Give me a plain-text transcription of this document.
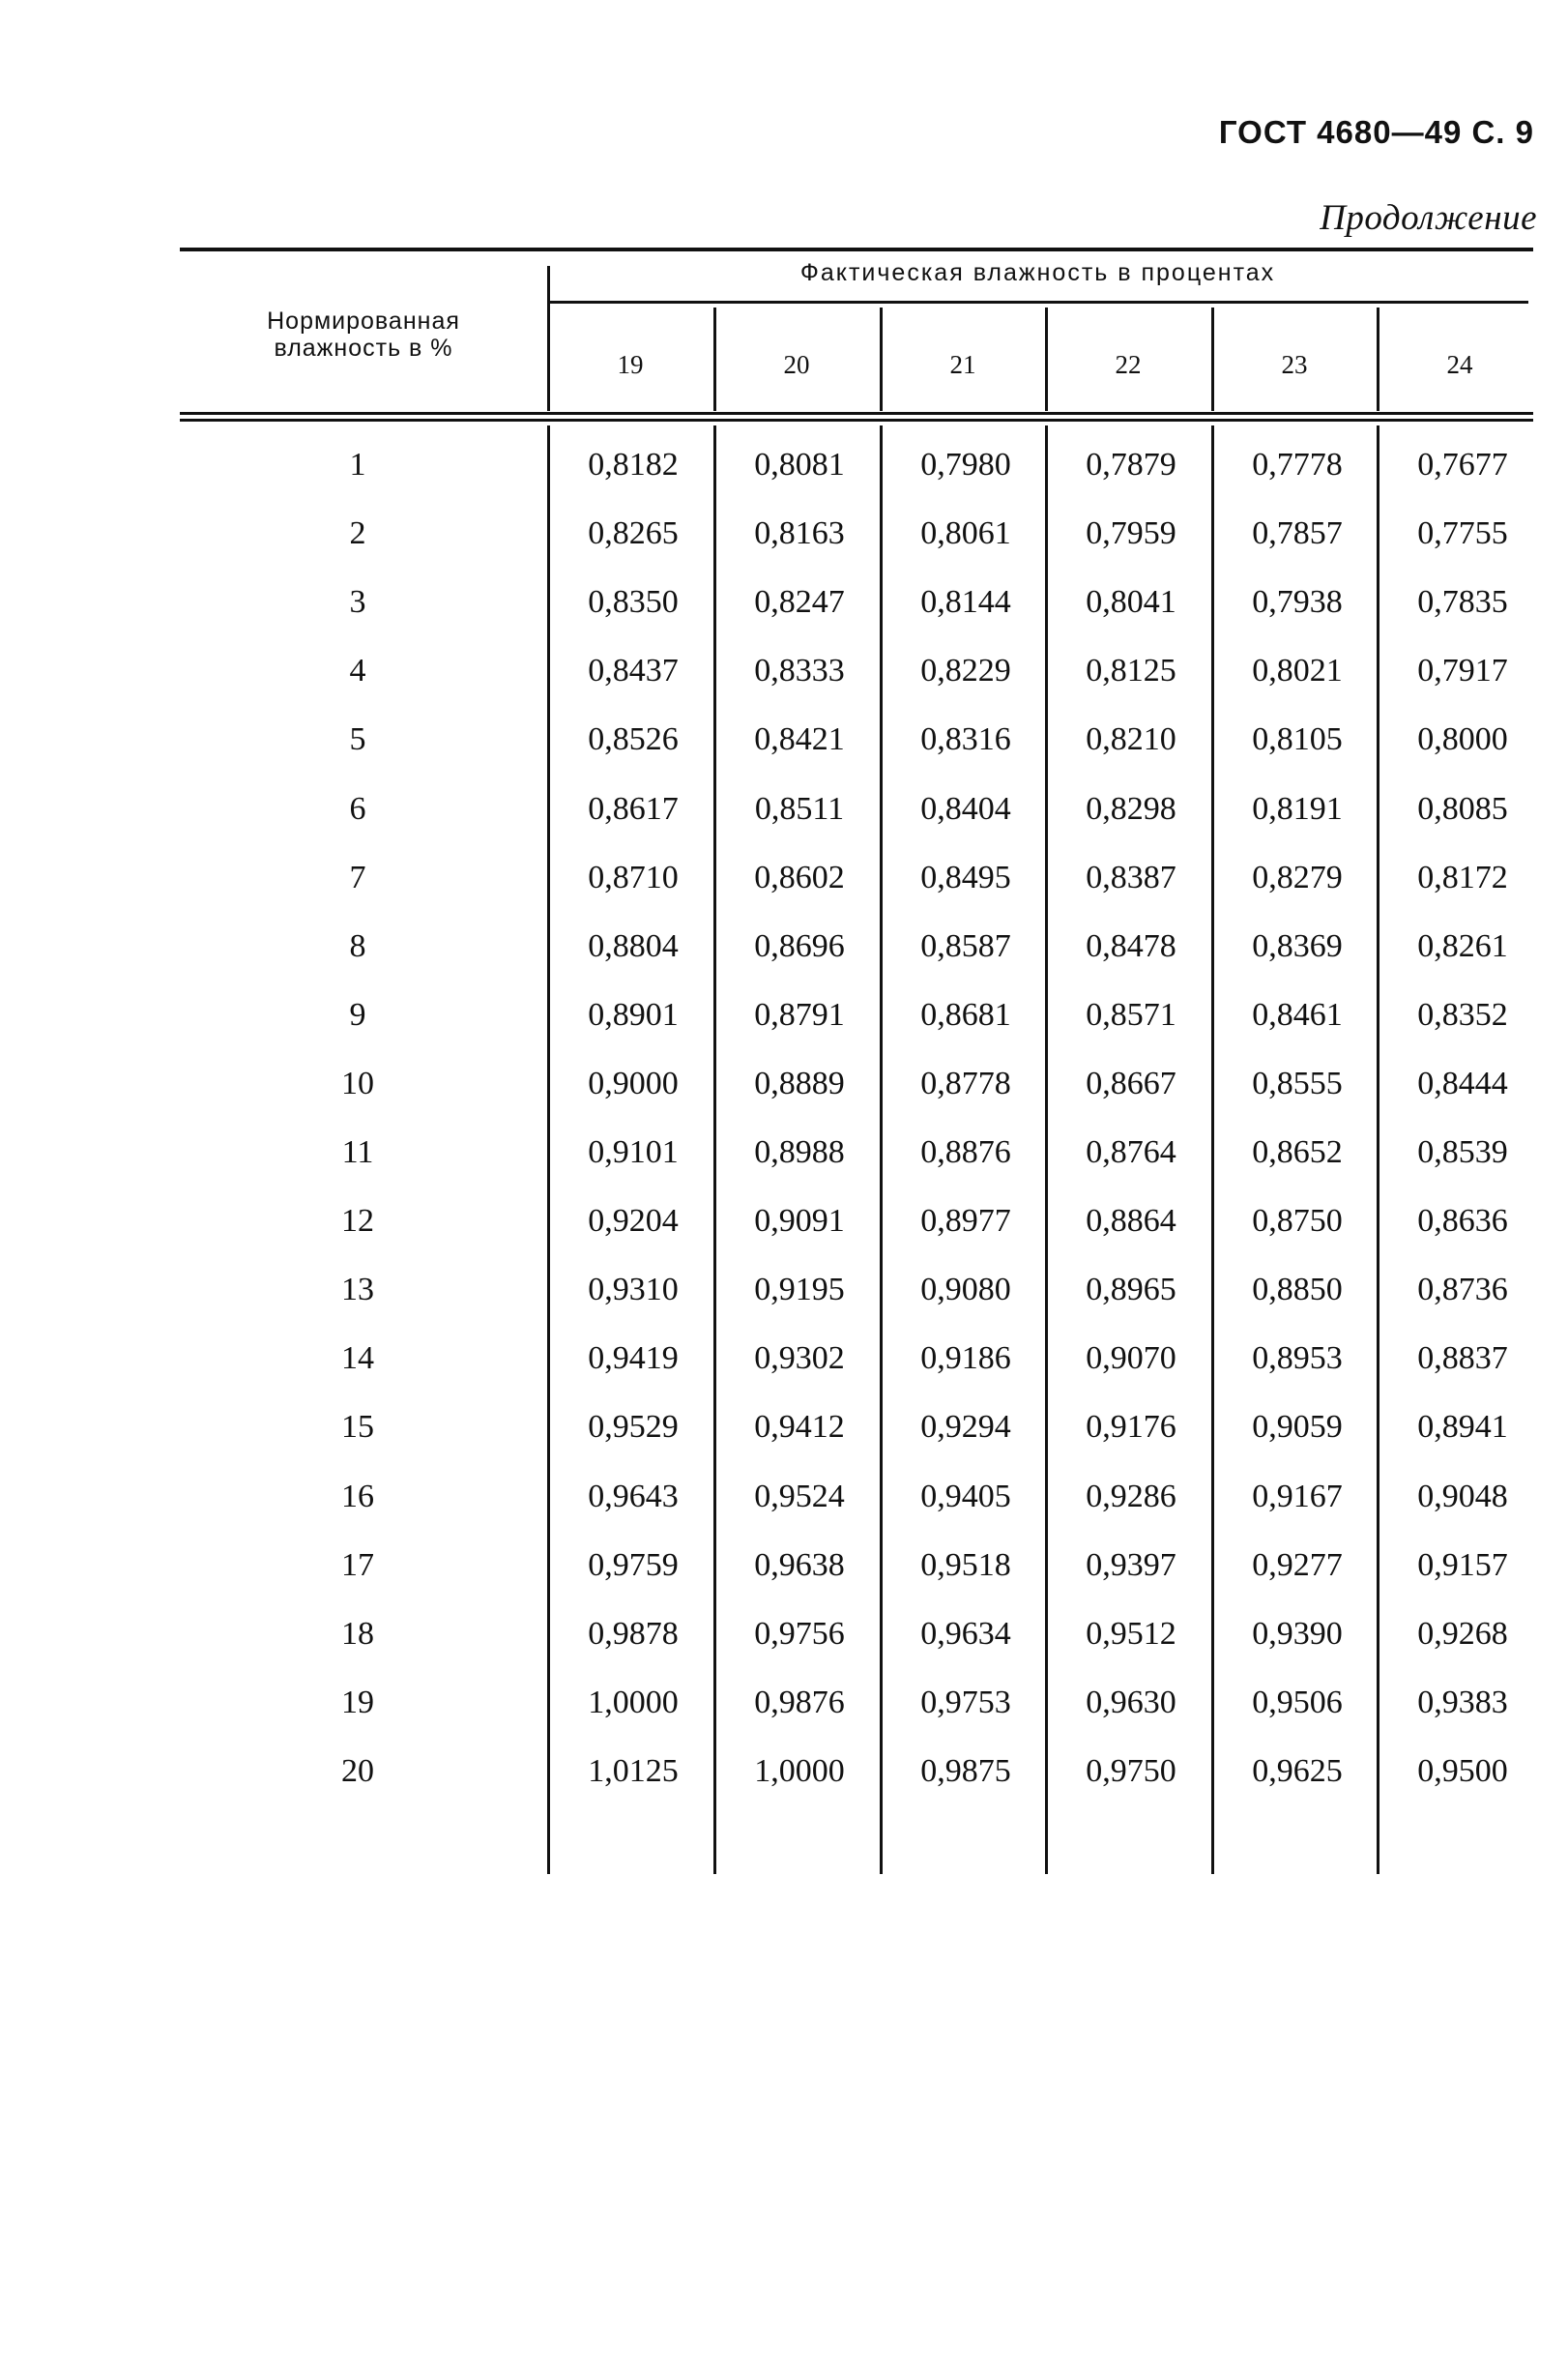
ГОСТ 4680—49 С. 9
Продолжение
Нормированная
влажность в %
Фактическая влажность в процентах
19	20	21	22	23	24
1	0,8182	0,8081	0,7980	0,7879	0,7778	0,7677
2	0,8265	0,8163	0,8061	0,7959	0,7857	0,7755
3	0,8350	0,8247	0,8144	0,8041	0,7938	0,7835
4	0,8437	0,8333	0,8229	0,8125	0,8021	0,7917
5	0,8526	0,8421	0,8316	0,8210	0,8105	0,8000
6	0,8617	0,8511	0,8404	0,8298	0,8191	0,8085
7	0,8710	0,8602	0,8495	0,8387	0,8279	0,8172
8	0,8804	0,8696	0,8587	0,8478	0,8369	0,8261
9	0,8901	0,8791	0,8681	0,8571	0,8461	0,8352
10	0,9000	0,8889	0,8778	0,8667	0,8555	0,8444
11	0,9101	0,8988	0,8876	0,8764	0,8652	0,8539
12	0,9204	0,9091	0,8977	0,8864	0,8750	0,8636
13	0,9310	0,9195	0,9080	0,8965	0,8850	0,8736
14	0,9419	0,9302	0,9186	0,9070	0,8953	0,8837
15	0,9529	0,9412	0,9294	0,9176	0,9059	0,8941
16	0,9643	0,9524	0,9405	0,9286	0,9167	0,9048
17	0,9759	0,9638	0,9518	0,9397	0,9277	0,9157
18	0,9878	0,9756	0,9634	0,9512	0,9390	0,9268
19	1,0000	0,9876	0,9753	0,9630	0,9506	0,9383
20	1,0125	1,0000	0,9875	0,9750	0,9625	0,9500
